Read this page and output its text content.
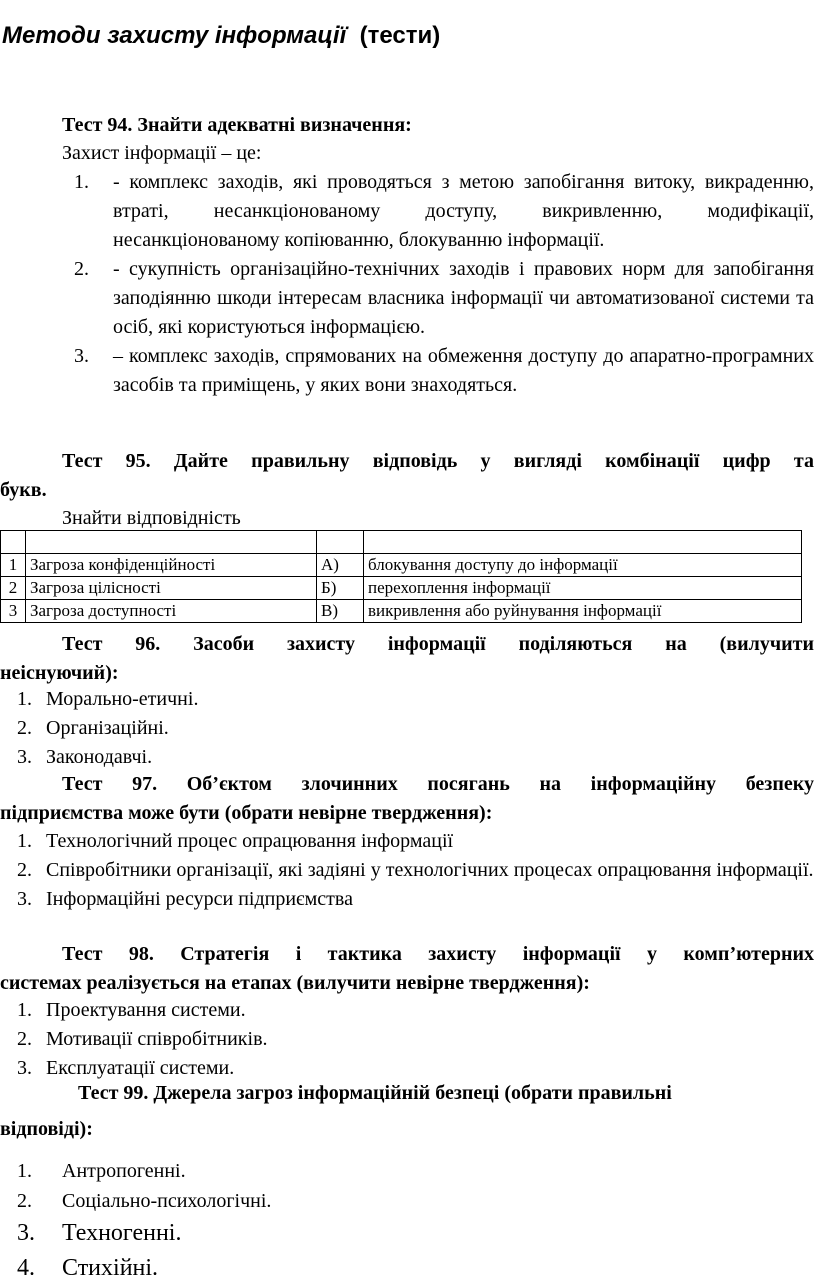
Методи захисту інформації (тести)
Тест 94. Знайти адекватні визначення:
Захист інформації – це:
1. - комплекс заходів, які проводяться з метою запобігання витоку, викраденню, втраті, несанкціонованому доступу, викривленню, модифікації, несанкціонованому копіюванню, блокуванню інформації.
2. - сукупність організаційно-технічних заходів і правових норм для запобігання заподіянню шкоди інтересам власника інформації чи автоматизованої системи та осіб, які користуються інформацією.
3. – комплекс заходів, спрямованих на обмеження доступу до апаратно-програмних засобів та приміщень, у яких вони знаходяться.
Тест 95. Дайте правильну відповідь у вигляді комбінації цифр та
букв.
Знайти відповідність

1	Загроза конфіденційності	А)	блокування доступу до інформації
2	Загроза цілісності	Б)	перехоплення інформації
3	Загроза доступності	В)	викривлення або руйнування інформації
Тест 96. Засоби захисту інформації поділяються на (вилучити
неіснуючий):
1. Морально-етичні.
2. Організаційні.
3. Законодавчі.
Тест 97. Об’єктом злочинних посягань на інформаційну безпеку
підприємства може бути (обрати невірне твердження):
1. Технологічний процес опрацювання інформації
2. Співробітники організації, які задіяні у технологічних процесах опрацювання інформації.
3. Інформаційні ресурси підприємства
Тест 98. Стратегія і тактика захисту інформації у комп’ютерних
системах реалізується на етапах (вилучити невірне твердження):
1. Проектування системи.
2. Мотивації співробітників.
3. Експлуатації системи.
Тест 99. Джерела загроз інформаційній безпеці (обрати правильні
відповіді):
1. Антропогенні.
2. Соціально-психологічні.
3. Техногенні.
4. Стихійні.
